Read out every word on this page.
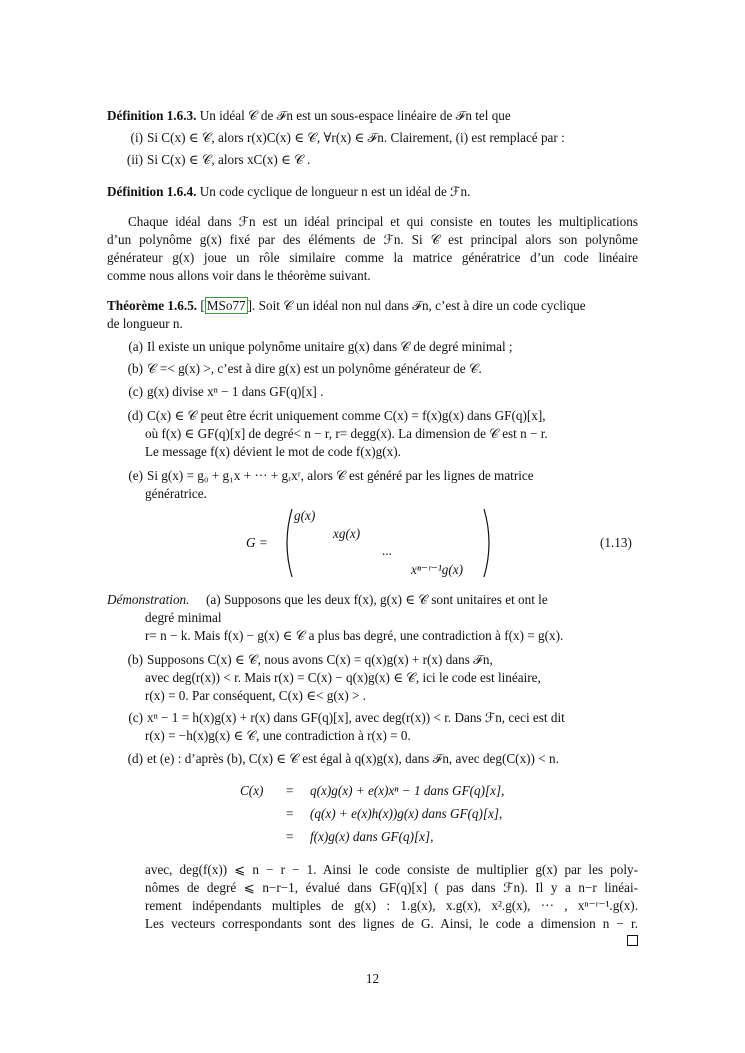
Définition 1.6.3. Un idéal 𝒞 de ℱn est un sous-espace linéaire de ℱn tel que
(i) Si C(x) ∈ 𝒞, alors r(x)C(x) ∈ 𝒞, ∀r(x) ∈ ℱn. Clairement, (i) est remplacé par :
(ii) Si C(x) ∈ 𝒞, alors xC(x) ∈ 𝒞 .
Définition 1.6.4. Un code cyclique de longueur n est un idéal de ℱn.
Chaque idéal dans ℱn est un idéal principal et qui consiste en toutes les multiplications
d’un polynôme g(x) fixé par des éléments de ℱn. Si 𝒞 est principal alors son polynôme
générateur g(x) joue un rôle similaire comme la matrice génératrice d’un code linéaire
comme nous allons voir dans le théorème suivant.
Théorème 1.6.5. [ MSo77 ]. Soit 𝒞 un idéal non nul dans ℱn, c’est à dire un code cyclique
de longueur n.
(a) Il existe un unique polynôme unitaire g(x) dans 𝒞 de degré minimal ;
(b) 𝒞 =< g(x) >, c’est à dire g(x) est un polynôme générateur de 𝒞.
(c) g(x) divise xⁿ − 1 dans GF(q)[x] .
(d) C(x) ∈ 𝒞 peut être écrit uniquement comme C(x) = f(x)g(x) dans GF(q)[x],
où f(x) ∈ GF(q)[x] de degré< n − r, r= degg(x). La dimension de 𝒞 est n − r.
Le message f(x) dévient le mot de code f(x)g(x).
(e) Si g(x) = g₀ + g₁x + ··· + gᵣxʳ, alors 𝒞 est généré par les lignes de matrice
génératrice.
G =
g(x)
xg(x)
...
xⁿ⁻ʳ⁻¹g(x)
(1.13)
Démonstration. (a) Supposons que les deux f(x), g(x) ∈ 𝒞 sont unitaires et ont le
degré minimal
r= n − k. Mais f(x) − g(x) ∈ 𝒞 a plus bas degré, une contradiction à f(x) = g(x).
(b) Supposons C(x) ∈ 𝒞, nous avons C(x) = q(x)g(x) + r(x) dans ℱn,
avec deg(r(x)) < r. Mais r(x) = C(x) − q(x)g(x) ∈ 𝒞, ici le code est linéaire,
r(x) = 0. Par conséquent, C(x) ∈< g(x) > .
(c) xⁿ − 1 = h(x)g(x) + r(x) dans GF(q)[x], avec deg(r(x)) < r. Dans ℱn, ceci est dit
r(x) = −h(x)g(x) ∈ 𝒞, une contradiction à r(x) = 0.
(d) et (e) : d’après (b), C(x) ∈ 𝒞 est égal à q(x)g(x), dans ℱn, avec deg(C(x)) < n.
C(x) = q(x)g(x) + e(x)xⁿ − 1 dans GF(q)[x],
= (q(x) + e(x)h(x))g(x) dans GF(q)[x],
= f(x)g(x) dans GF(q)[x],
avec, deg(f(x)) ⩽ n − r − 1. Ainsi le code consiste de multiplier g(x) par les poly-
nômes de degré ⩽ n−r−1, évalué dans GF(q)[x] ( pas dans ℱn). Il y a n−r linéai-
rement indépendants multiples de g(x) : 1.g(x), x.g(x), x².g(x), ··· , xⁿ⁻ʳ⁻¹.g(x).
Les vecteurs correspondants sont des lignes de G. Ainsi, le code a dimension n − r.
12
